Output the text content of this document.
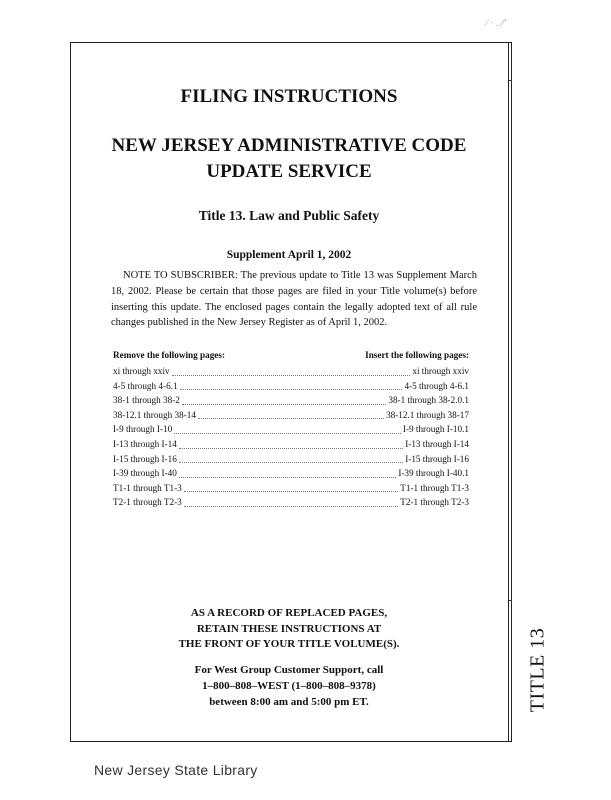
⁄ · . ⁄⁄′
FILING INSTRUCTIONS
NEW JERSEY ADMINISTRATIVE CODE
UPDATE SERVICE
Title 13. Law and Public Safety
Supplement April 1, 2002
NOTE TO SUBSCRIBER: The previous update to Title 13 was Supplement March 18, 2002. Please be certain that those pages are filed in your Title volume(s) before inserting this update. The enclosed pages contain the legally adopted text of all rule changes published in the New Jersey Register as of April 1, 2002.
Remove the following pages:	Insert the following pages:
xi through xxiv	xi through xxiv
4-5 through 4-6.1	4-5 through 4-6.1
38-1 through 38-2	38-1 through 38-2.0.1
38-12.1 through 38-14	38-12.1 through 38-17
I-9 through I-10	I-9 through I-10.1
I-13 through I-14	I-13 through I-14
I-15 through I-16	I-15 through I-16
I-39 through I-40	I-39 through I-40.1
T1-1 through T1-3	T1-1 through T1-3
T2-1 through T2-3	T2-1 through T2-3
AS A RECORD OF REPLACED PAGES,
RETAIN THESE INSTRUCTIONS AT
THE FRONT OF YOUR TITLE VOLUME(S).
For West Group Customer Support, call
1–800–808–WEST (1–800–808–9378)
between 8:00 am and 5:00 pm ET.	TITLE 13
New Jersey State Library
